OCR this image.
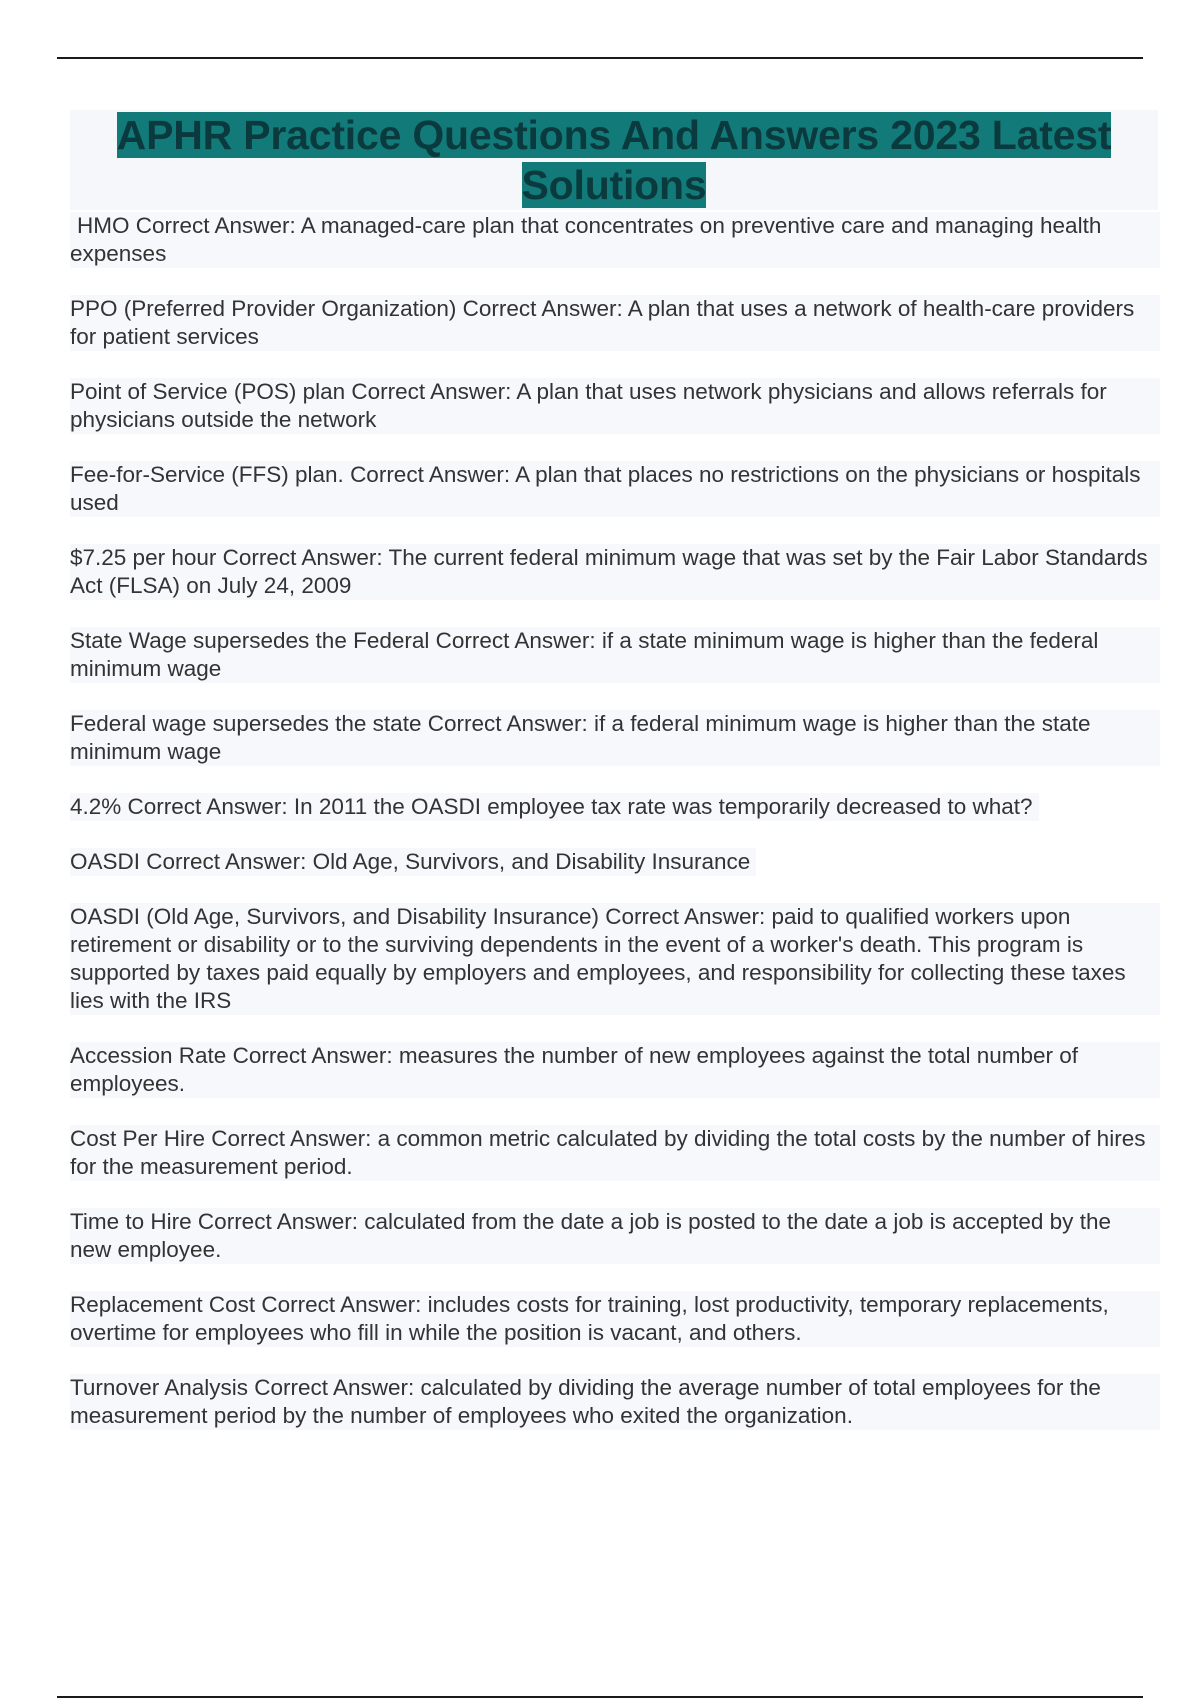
APHR Practice Questions And Answers 2023 Latest Solutions

HMO Correct Answer: A managed-care plan that concentrates on preventive care and managing health expenses

PPO (Preferred Provider Organization) Correct Answer: A plan that uses a network of health-care providers for patient services

Point of Service (POS) plan Correct Answer: A plan that uses network physicians and allows referrals for physicians outside the network

Fee-for-Service (FFS) plan. Correct Answer: A plan that places no restrictions on the physicians or hospitals used

$7.25 per hour Correct Answer: The current federal minimum wage that was set by the Fair Labor Standards Act (FLSA) on July 24, 2009

State Wage supersedes the Federal Correct Answer: if a state minimum wage is higher than the federal minimum wage

Federal wage supersedes the state Correct Answer: if a federal minimum wage is higher than the state minimum wage

4.2% Correct Answer: In 2011 the OASDI employee tax rate was temporarily decreased to what?

OASDI Correct Answer: Old Age, Survivors, and Disability Insurance

OASDI (Old Age, Survivors, and Disability Insurance) Correct Answer: paid to qualified workers upon retirement or disability or to the surviving dependents in the event of a worker's death. This program is supported by taxes paid equally by employers and employees, and responsibility for collecting these taxes lies with the IRS

Accession Rate Correct Answer: measures the number of new employees against the total number of employees.

Cost Per Hire Correct Answer: a common metric calculated by dividing the total costs by the number of hires for the measurement period.

Time to Hire Correct Answer: calculated from the date a job is posted to the date a job is accepted by the new employee.

Replacement Cost Correct Answer: includes costs for training, lost productivity, temporary replacements, overtime for employees who fill in while the position is vacant, and others.

Turnover Analysis Correct Answer: calculated by dividing the average number of total employees for the measurement period by the number of employees who exited the organization.
